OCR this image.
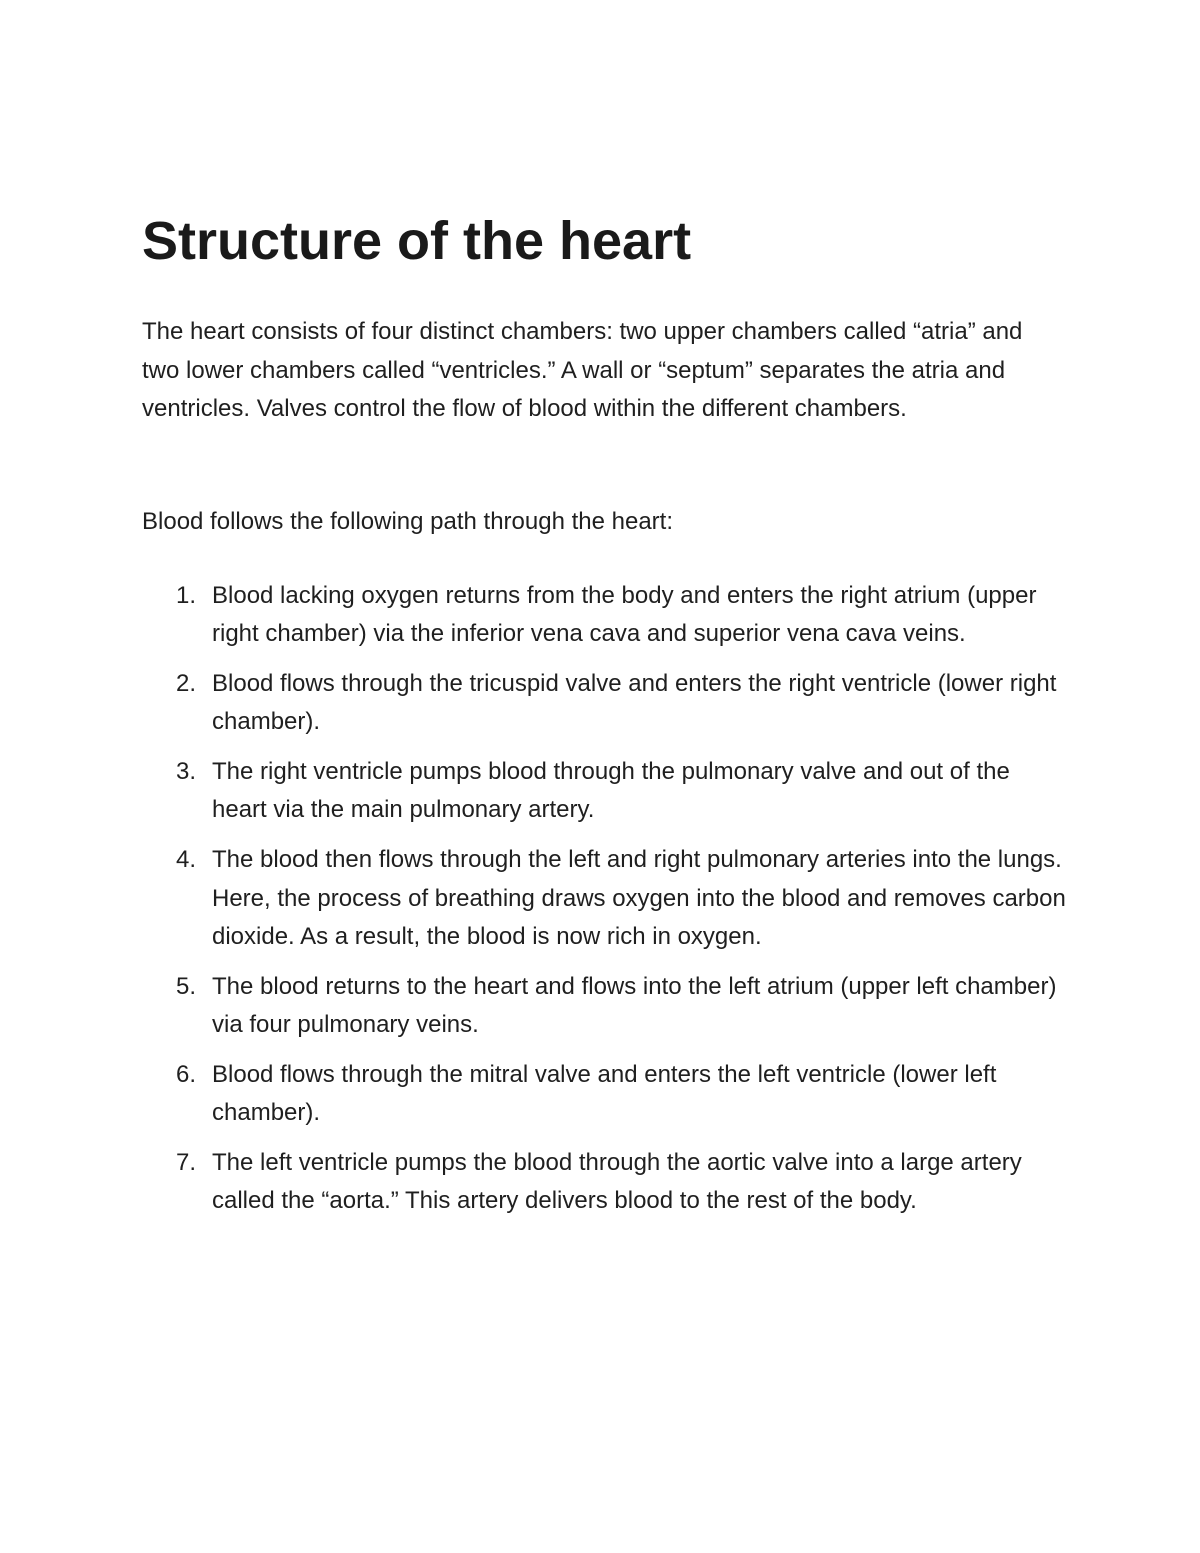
Structure of the heart

The heart consists of four distinct chambers: two upper chambers called “atria” and two lower chambers called “ventricles.” A wall or “septum” separates the atria and ventricles. Valves control the flow of blood within the different chambers.

Blood follows the following path through the heart:

1. Blood lacking oxygen returns from the body and enters the right atrium (upper right chamber) via the inferior vena cava and superior vena cava veins.
2. Blood flows through the tricuspid valve and enters the right ventricle (lower right chamber).
3. The right ventricle pumps blood through the pulmonary valve and out of the heart via the main pulmonary artery.
4. The blood then flows through the left and right pulmonary arteries into the lungs. Here, the process of breathing draws oxygen into the blood and removes carbon dioxide. As a result, the blood is now rich in oxygen.
5. The blood returns to the heart and flows into the left atrium (upper left chamber) via four pulmonary veins.
6. Blood flows through the mitral valve and enters the left ventricle (lower left chamber).
7. The left ventricle pumps the blood through the aortic valve into a large artery called the “aorta.” This artery delivers blood to the rest of the body.
